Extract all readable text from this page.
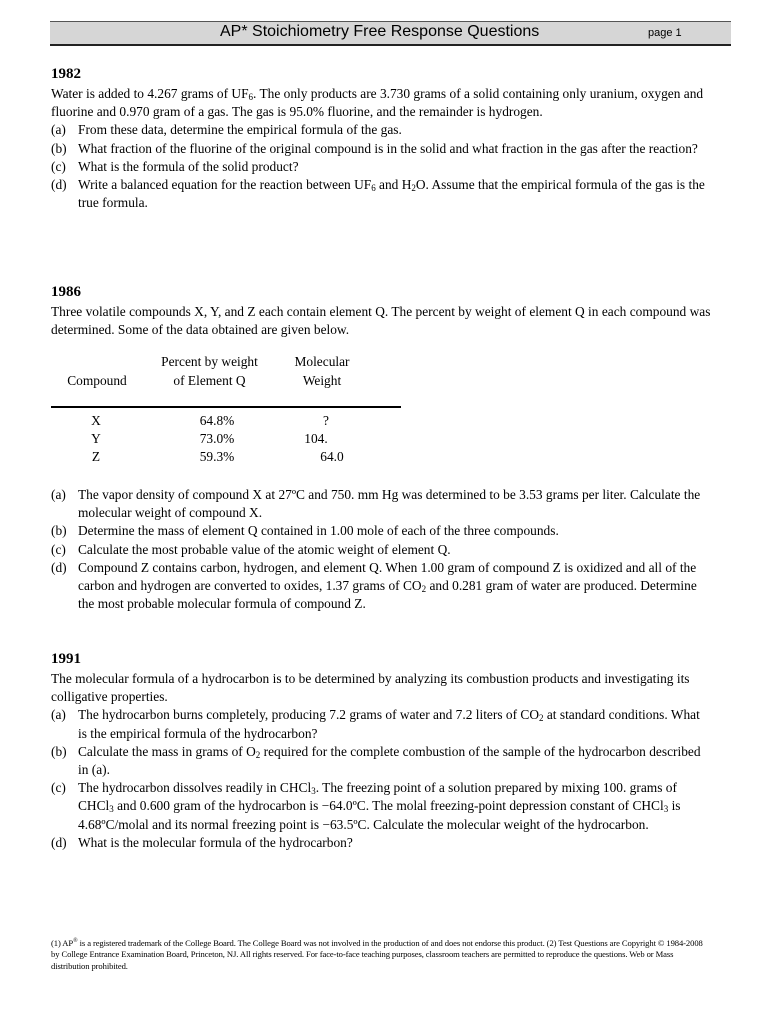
AP* Stoichiometry Free Response Questions	page 1
1982

Water is added to 4.267 grams of $UF_6$. The only products are 3.730 grams of a solid containing only uranium, oxygen and fluorine and 0.970 gram of a gas. The gas is 95.0% fluorine, and the remainder is hydrogen.

(a) From these data, determine the empirical formula of the gas.
(b) What fraction of the fluorine of the original compound is in the solid and what fraction in the gas after the reaction?
(c) What is the formula of the solid product?
(d) Write a balanced equation for the reaction between $UF_6$ and $H_2O$. Assume that the empirical formula of the gas is the true formula.
1986

Three volatile compounds X, Y, and Z each contain element Q. The percent by weight of element Q in each compound was determined. Some of the data obtained are given below.

Compound
Percent by weight
of Element Q
Molecular
Weight
X	64.8%	?
Y	73.0%	104.
Z	59.3%	64.0
(a) The vapor density of compound X at 27ºC and 750. mm Hg was determined to be 3.53 grams per liter. Calculate the molecular weight of compound X.
(b) Determine the mass of element Q contained in 1.00 mole of each of the three compounds.
(c) Calculate the most probable value of the atomic weight of element Q.
(d) Compound Z contains carbon, hydrogen, and element Q. When 1.00 gram of compound Z is oxidized and all of the carbon and hydrogen are converted to oxides, 1.37 grams of $CO_2$ and 0.281 gram of water are produced. Determine the most probable molecular formula of compound Z.
1991

The molecular formula of a hydrocarbon is to be determined by analyzing its combustion products and investigating its colligative properties.

(a) The hydrocarbon burns completely, producing 7.2 grams of water and 7.2 liters of $CO_2$ at standard conditions. What is the empirical formula of the hydrocarbon?
(b) Calculate the mass in grams of $O_2$ required for the complete combustion of the sample of the hydrocarbon described in (a).
(c) The hydrocarbon dissolves readily in CHCl$_3$. The freezing point of a solution prepared by mixing 100. grams of CHCl$_3$ and 0.600 gram of the hydrocarbon is −64.0ºC. The molal freezing-point depression constant of CHCl$_3$ is 4.68ºC/molal and its normal freezing point is −63.5ºC. Calculate the molecular weight of the hydrocarbon.
(d) What is the molecular formula of the hydrocarbon?
(1) AP® is a registered trademark of the College Board. The College Board was not involved in the production of and does not endorse this product. (2) Test Questions are Copyright © 1984-2008 by College Entrance Examination Board, Princeton, NJ. All rights reserved. For face-to-face teaching purposes, classroom teachers are permitted to reproduce the questions. Web or Mass distribution prohibited.
